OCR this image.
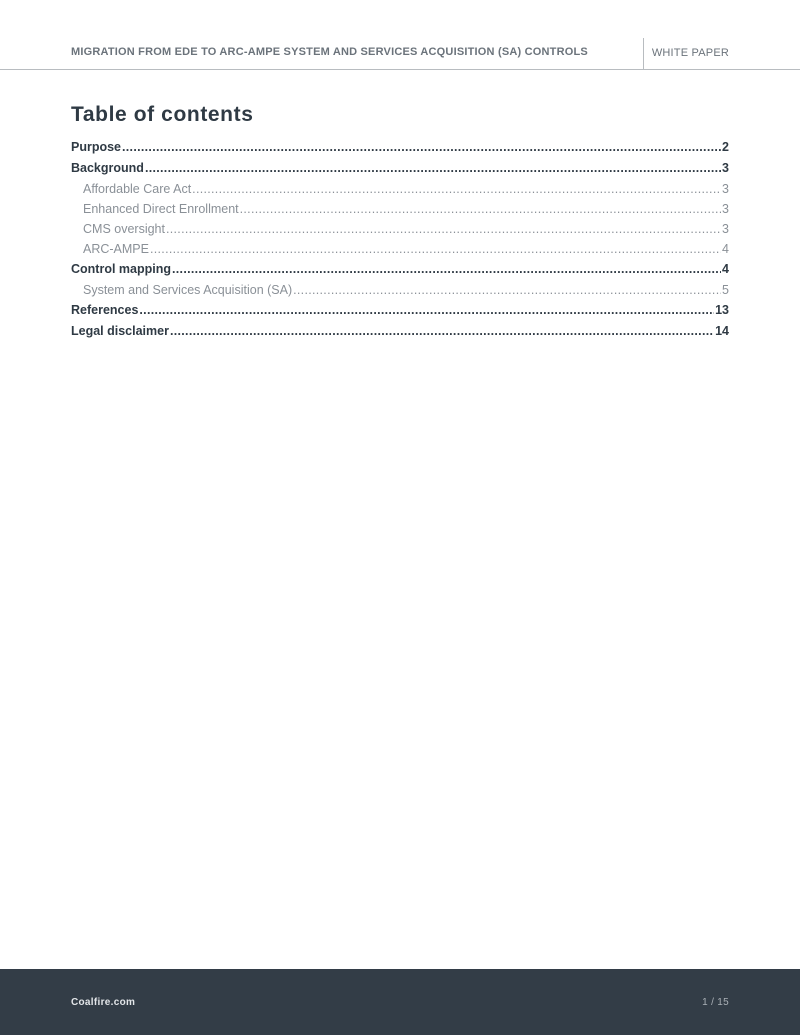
MIGRATION FROM EDE TO ARC-AMPE SYSTEM AND SERVICES ACQUISITION (SA) CONTROLS	WHITE PAPER
Table of contents
Purpose .....	2
Background .....	3
Affordable Care Act .....	3
Enhanced Direct Enrollment .....	3
CMS oversight .....	3
ARC-AMPE .....	4
Control mapping .....	4
System and Services Acquisition (SA) .....	5
References .....	13
Legal disclaimer .....	14
Coalfire.com	1 / 15
